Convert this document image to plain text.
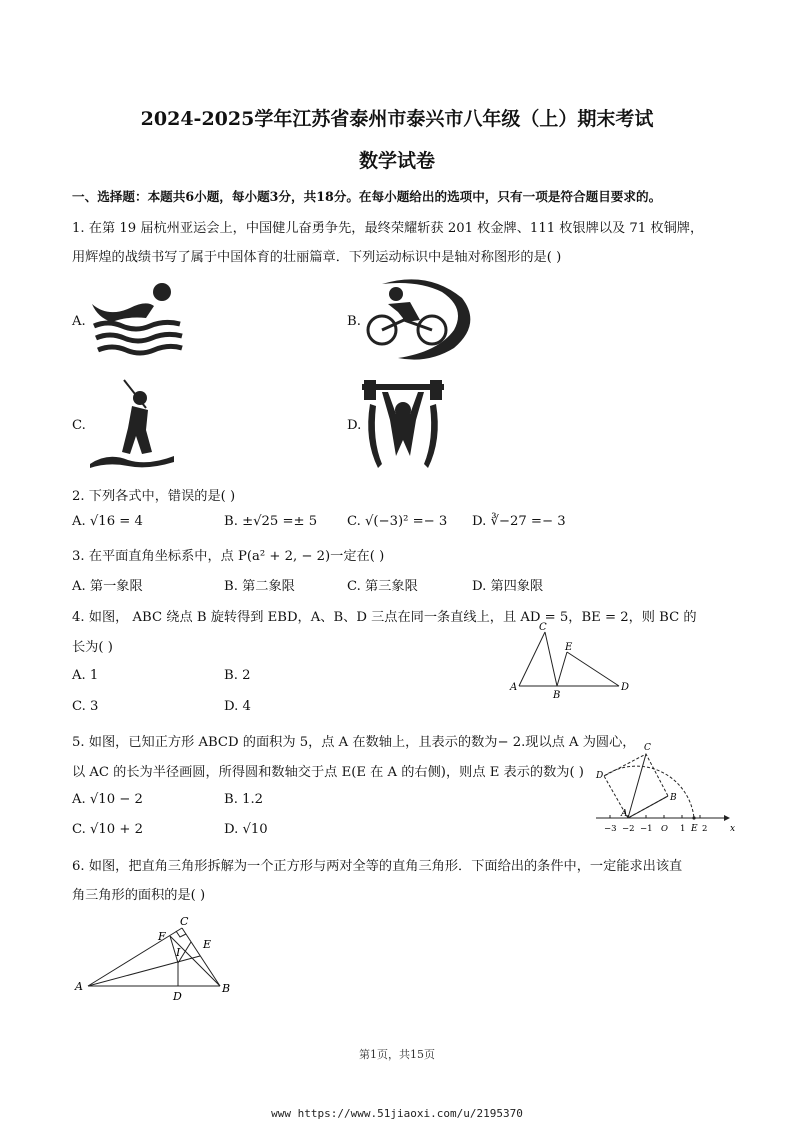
2024-2025学年江苏省泰州市泰兴市八年级（上）期末考试
数学试卷
一、选择题：本题共6小题，每小题3分，共18分。在每小题给出的选项中，只有一项是符合题目要求的。
1. 在第 19 届杭州亚运会上，中国健儿奋勇争先，最终荣耀斩获 201 枚金牌、111 枚银牌以及 71 枚铜牌，
用辉煌的战绩书写了属于中国体育的壮丽篇章．下列运动标识中是轴对称图形的是( )
A.	B.
C.	D.
2. 下列各式中，错误的是( )
A. √16 = 4	B. ±√25 =± 5 C. √(−3)² =− 3 D. ∛−27 =− 3
3. 在平面直角坐标系中，点 P(a² + 2, − 2)一定在( )
A. 第一象限	B. 第二象限	C. 第三象限	D. 第四象限
4. 如图， ABC 绕点 B 旋转得到 EBD，A、B、D 三点在同一条直线上，且 AD = 5，BE = 2，则 BC 的
长为( )
A. 1	B. 2
C. 3	D. 4
C
E
A
B
D
5. 如图，已知正方形 ABCD 的面积为 5，点 A 在数轴上，且表示的数为− 2.现以点 A 为圆心，
以 AC 的长为半径画圆，所得圆和数轴交于点 E(E 在 A 的右侧)，则点 E 表示的数为( )
A. √10 − 2	B. 1.2
C. √10 + 2	D. √10
C
D
B
A
E	x
−3 −2 −1 O 1 2
6. 如图，把直角三角形拆解为一个正方形与两对全等的直角三角形．下面给出的条件中，一定能求出该直
角三角形的面积的是( )
C
F
E
I
A
D
B
第1页，共15页
www https://www.51jiaoxi.com/u/2195370
